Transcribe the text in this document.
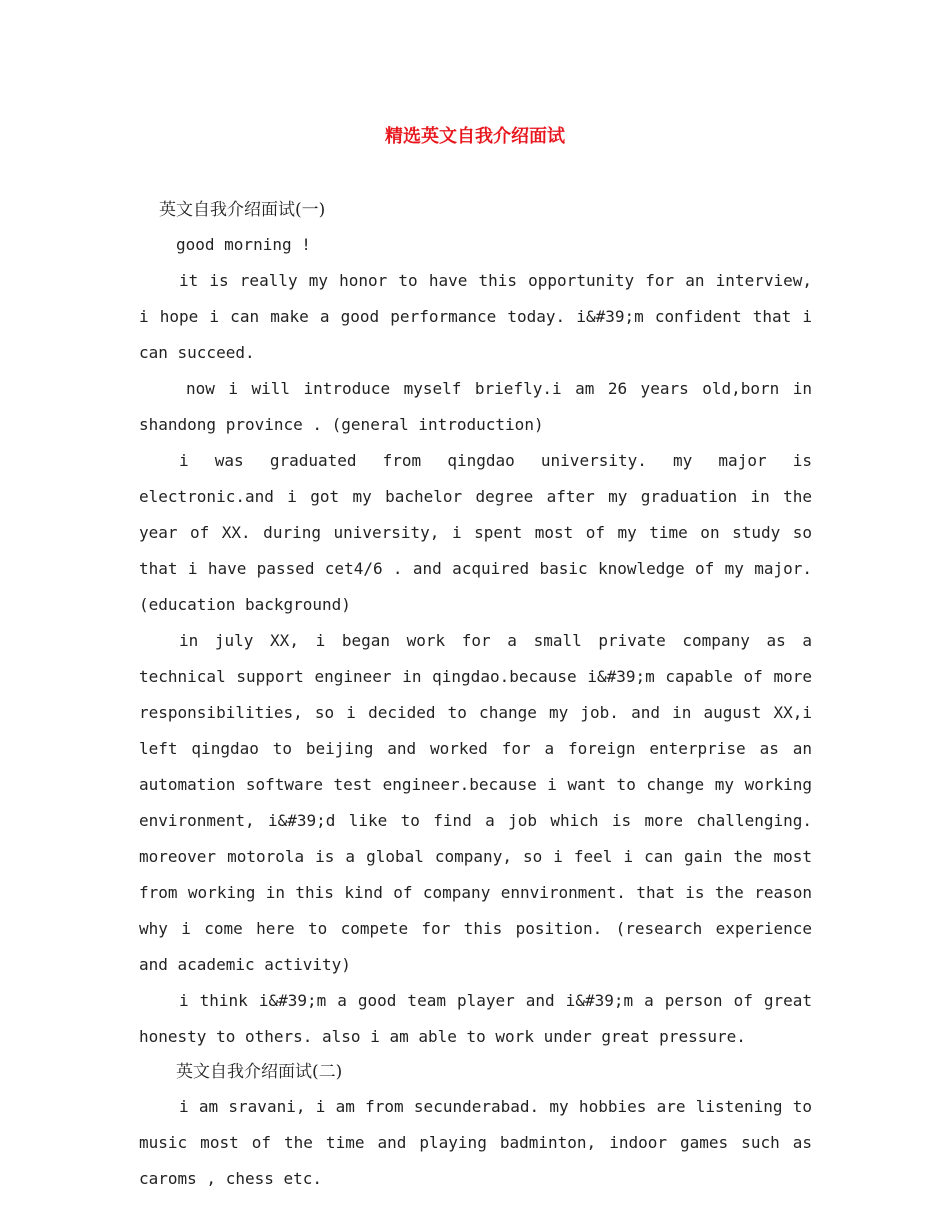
精选英文自我介绍面试
英文自我介绍面试(一)

good morning !

it is really my honor to have this opportunity for an interview, i hope i can make a good performance today. i&#39;m confident that i can succeed.

now i will introduce myself briefly.i am 26 years old,born in shandong province . (general introduction)

i was graduated from qingdao university. my major is electronic.and i got my bachelor degree after my graduation in the year of XX. during university, i spent most of my time on study so that i have passed cet4/6 . and acquired basic knowledge of my major.(education background)

in july XX, i began work for a small private company as a technical support engineer in qingdao.because i&#39;m capable of more responsibilities, so i decided to change my job. and in august XX,i left qingdao to beijing and worked for a foreign enterprise as an automation software test engineer.because i want to change my working environment, i&#39;d like to find a job which is more challenging. moreover motorola is a global company, so i feel i can gain the most from working in this kind of company ennvironment. that is the reason why i come here to compete for this position. (research experience and academic activity)

i think i&#39;m a good team player and i&#39;m a person of great honesty to others. also i am able to work under great pressure.

英文自我介绍面试(二)

i am sravani, i am from secunderabad. my hobbies are listening to music most of the time and playing badminton, indoor games such as caroms , chess etc.
